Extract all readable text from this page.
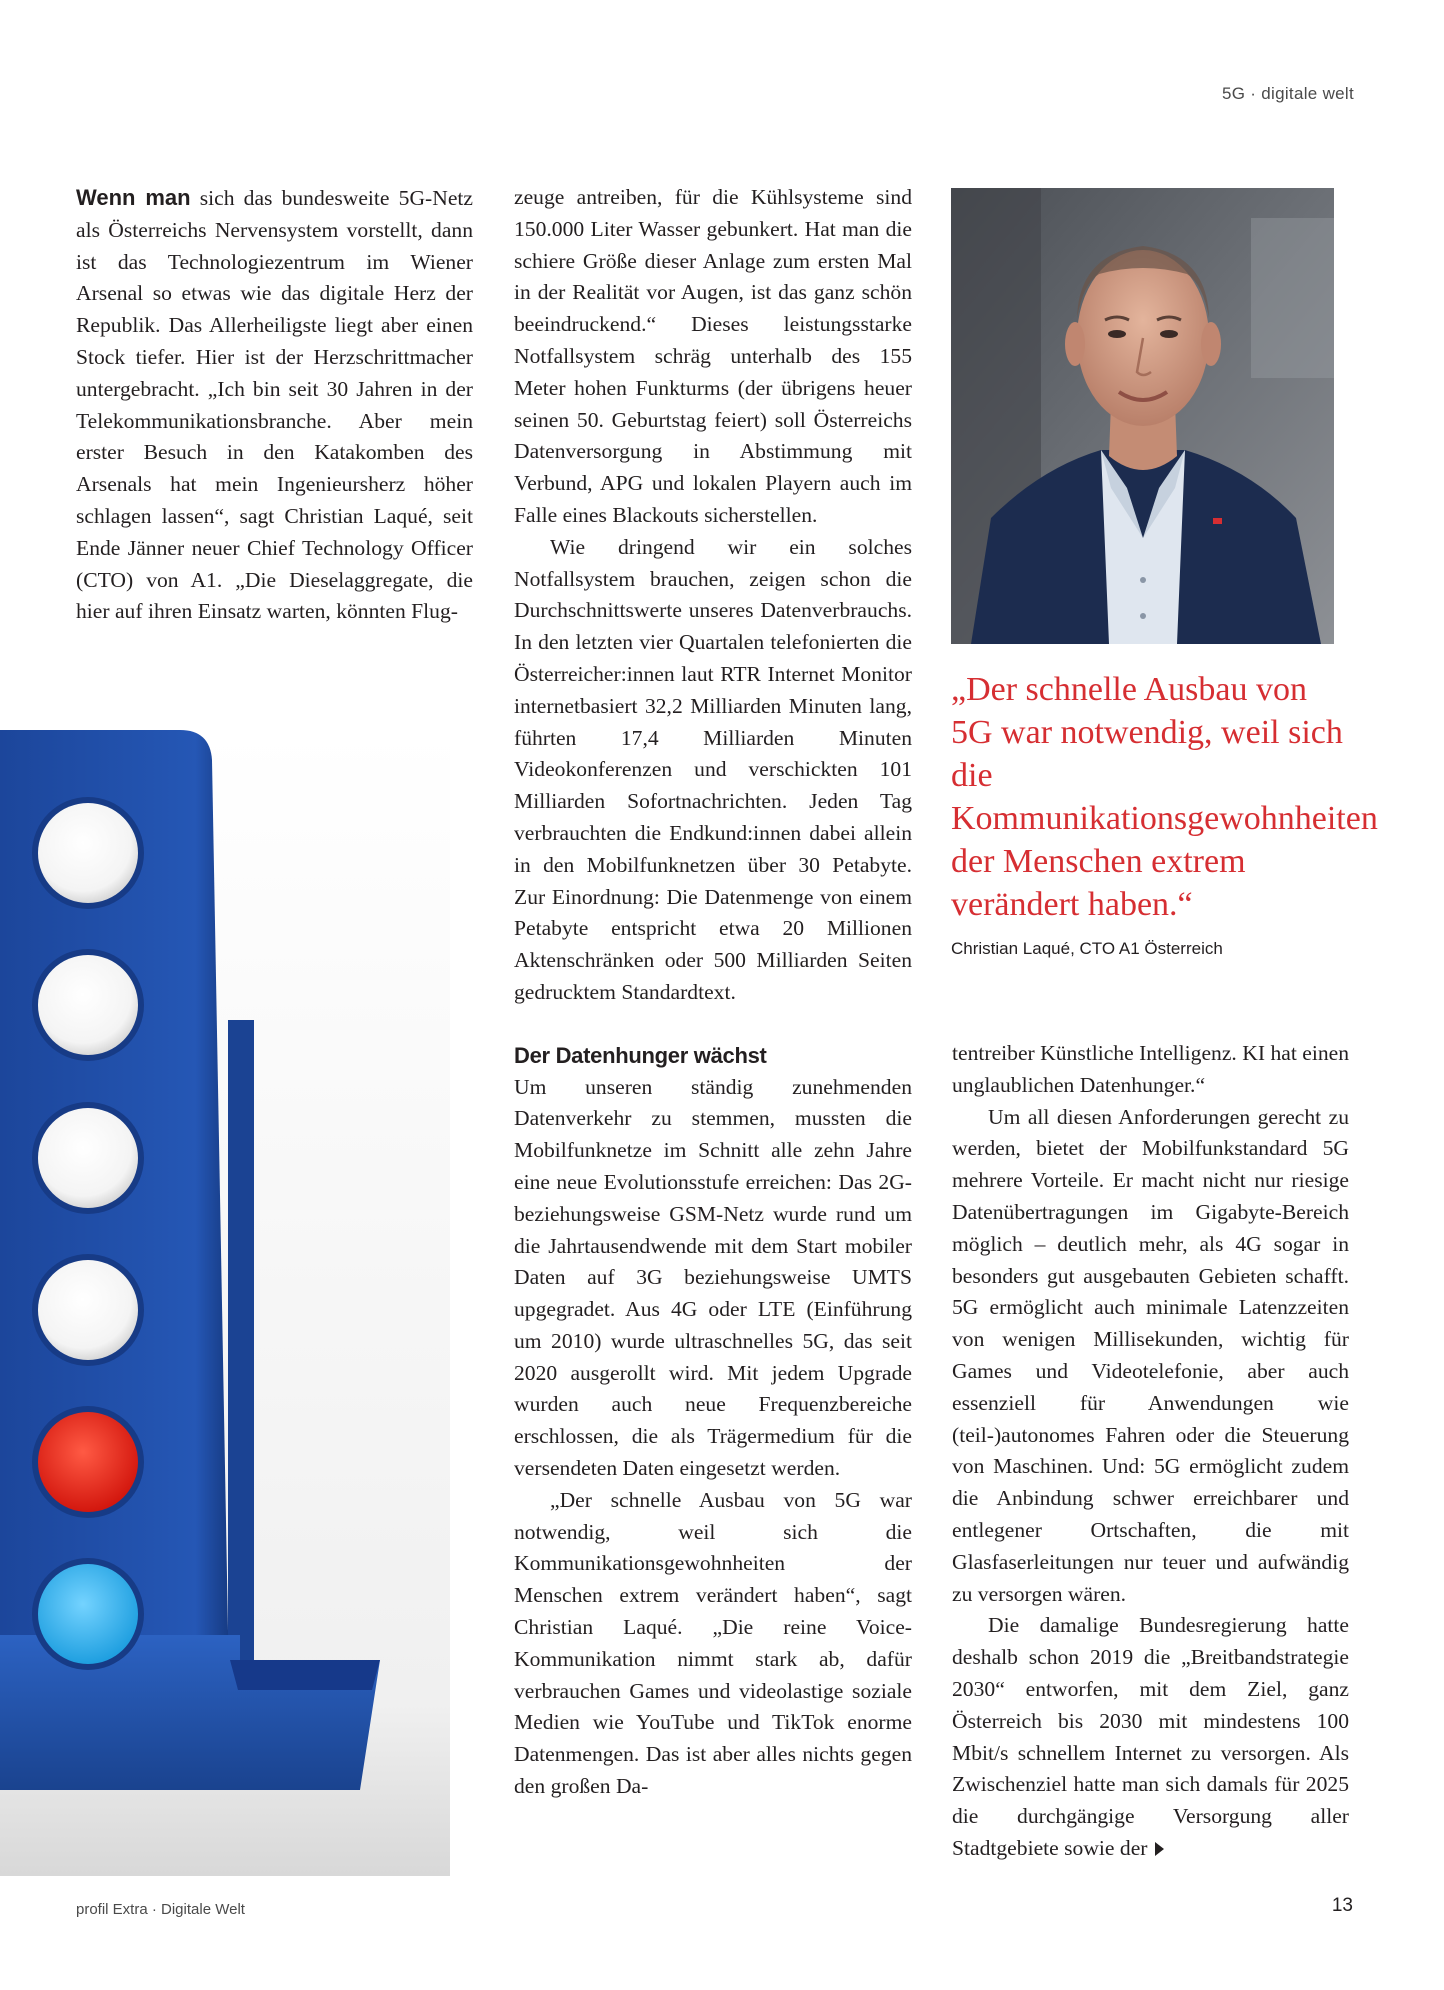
5G · digitale welt

Wenn man sich das bundesweite 5G-Netz als Österreichs Nervensystem vorstellt, dann ist das Technologiezentrum im Wiener Arsenal so etwas wie das digitale Herz der Republik. Das Allerheiligste liegt aber einen Stock tiefer. Hier ist der Herzschrittmacher untergebracht. „Ich bin seit 30 Jahren in der Telekommunikationsbranche. Aber mein erster Besuch in den Katakomben des Arsenals hat mein Ingenieursherz höher schlagen lassen“, sagt Christian Laqué, seit Ende Jänner neuer Chief Technology Officer (CTO) von A1. „Die Dieselaggregate, die hier auf ihren Einsatz warten, könnten Flug-

zeuge antreiben, für die Kühlsysteme sind 150.000 Liter Wasser gebunkert. Hat man die schiere Größe dieser Anlage zum ersten Mal in der Realität vor Augen, ist das ganz schön beeindruckend.“ Dieses leistungsstarke Notfallsystem schräg unterhalb des 155 Meter hohen Funkturms (der übrigens heuer seinen 50. Geburtstag feiert) soll Österreichs Datenversorgung in Abstimmung mit Verbund, APG und lokalen Playern auch im Falle eines Blackouts sicherstellen.

Wie dringend wir ein solches Notfallsystem brauchen, zeigen schon die Durchschnittswerte unseres Datenverbrauchs. In den letzten vier Quartalen telefonierten die Österreicher:innen laut RTR Internet Monitor internetbasiert 32,2 Milliarden Minuten lang, führten 17,4 Milliarden Minuten Videokonferenzen und verschickten 101 Milliarden Sofortnachrichten. Jeden Tag verbrauchten die Endkund:innen dabei allein in den Mobilfunknetzen über 30 Petabyte. Zur Einordnung: Die Datenmenge von einem Petabyte entspricht etwa 20 Millionen Aktenschränken oder 500 Milliarden Seiten gedrucktem Standardtext.

Der Datenhunger wächst

Um unseren ständig zunehmenden Datenverkehr zu stemmen, mussten die Mobilfunknetze im Schnitt alle zehn Jahre eine neue Evolutionsstufe erreichen: Das 2G- beziehungsweise GSM-Netz wurde rund um die Jahrtausendwende mit dem Start mobiler Daten auf 3G beziehungsweise UMTS upgegradet. Aus 4G oder LTE (Einführung um 2010) wurde ultraschnelles 5G, das seit 2020 ausgerollt wird. Mit jedem Upgrade wurden auch neue Frequenzbereiche erschlossen, die als Trägermedium für die versendeten Daten eingesetzt werden.

„Der schnelle Ausbau von 5G war notwendig, weil sich die Kommunikationsgewohnheiten der Menschen extrem verändert haben“, sagt Christian Laqué. „Die reine Voice-Kommunikation nimmt stark ab, dafür verbrauchen Games und videolastige soziale Medien wie YouTube und TikTok enorme Datenmengen. Das ist aber alles nichts gegen den großen Da-

„Der schnelle Ausbau von 5G war notwendig, weil sich die Kommunikationsgewohnheiten der Menschen extrem verändert haben.“
Christian Laqué, CTO A1 Österreich

tentreiber Künstliche Intelligenz. KI hat einen unglaublichen Datenhunger.“

Um all diesen Anforderungen gerecht zu werden, bietet der Mobilfunkstandard 5G mehrere Vorteile. Er macht nicht nur riesige Datenübertragungen im Gigabyte-Bereich möglich – deutlich mehr, als 4G sogar in besonders gut ausgebauten Gebieten schafft. 5G ermöglicht auch minimale Latenzzeiten von wenigen Millisekunden, wichtig für Games und Videotelefonie, aber auch essenziell für Anwendungen wie (teil-)autonomes Fahren oder die Steuerung von Maschinen. Und: 5G ermöglicht zudem die Anbindung schwer erreichbarer und entlegener Ortschaften, die mit Glasfaserleitungen nur teuer und aufwändig zu versorgen wären.

Die damalige Bundesregierung hatte deshalb schon 2019 die „Breitbandstrategie 2030“ entworfen, mit dem Ziel, ganz Österreich bis 2030 mit mindestens 100 Mbit/s schnellem Internet zu versorgen. Als Zwischenziel hatte man sich damals für 2025 die durchgängige Versorgung aller Stadtgebiete sowie der

profil Extra · Digitale Welt	13
